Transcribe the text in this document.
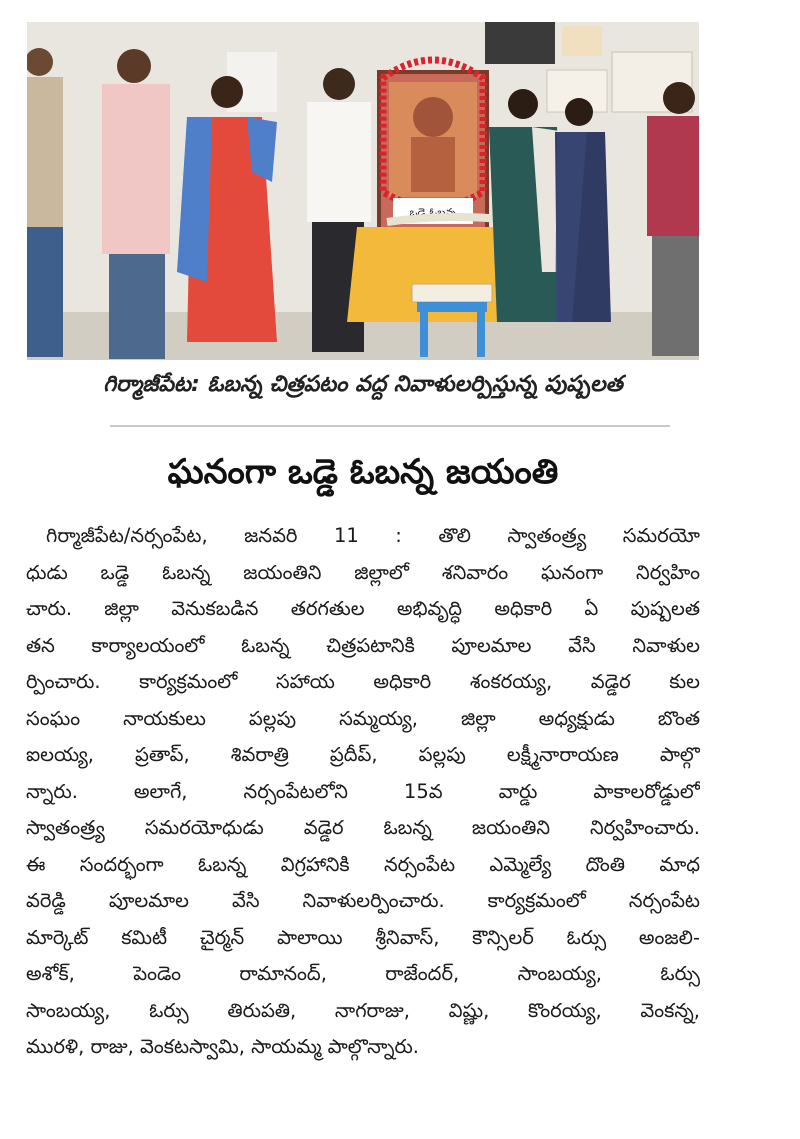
ఒడ్డె ఓబన్న
గిర్మాజీపేట: ఓబన్న చిత్రపటం వద్ద నివాళులర్పిస్తున్న పుష్పలత
ఘనంగా ఒడ్డె ఓబన్న జయంతి
గిర్మాజీపేట/నర్సంపేట, జనవరి 11 : తొలి స్వాతంత్ర్య సమరయో
ధుడు ఒడ్డె ఓబన్న జయంతిని జిల్లాలో శనివారం ఘనంగా నిర్వహిం
చారు. జిల్లా వెనుకబడిన తరగతుల అభివృద్ధి అధికారి ఏ పుష్పలత
తన కార్యాలయంలో ఓబన్న చిత్రపటానికి పూలమాల వేసి నివాళుల
ర్పించారు. కార్యక్రమంలో సహాయ అధికారి శంకరయ్య, వడ్డెర కుల
సంఘం నాయకులు పల్లపు సమ్మయ్య, జిల్లా అధ్యక్షుడు బొంత
ఐలయ్య, ప్రతాప్, శివరాత్రి ప్రదీప్, పల్లపు లక్ష్మీనారాయణ పాల్గొ
న్నారు. అలాగే, నర్సంపేటలోని 15వ వార్డు పాకాలరోడ్డులో
స్వాతంత్ర్య సమరయోధుడు వడ్డెర ఓబన్న జయంతిని నిర్వహించారు.
ఈ సందర్భంగా ఓబన్న విగ్రహానికి నర్సంపేట ఎమ్మెల్యే దొంతి మాధ
వరెడ్డి పూలమాల వేసి నివాళులర్పించారు. కార్యక్రమంలో నర్సంపేట
మార్కెట్ కమిటీ చైర్మన్ పాలాయి శ్రీనివాస్, కౌన్సిలర్ ఓర్సు అంజలి-
అశోక్, పెండెం రామానంద్, రాజేందర్, సాంబయ్య, ఓర్సు
సాంబయ్య, ఓర్సు తిరుపతి, నాగరాజు, విష్ణు, కొంరయ్య, వెంకన్న,
మురళి, రాజు, వెంకటస్వామి, సాయమ్మ పాల్గొన్నారు.
